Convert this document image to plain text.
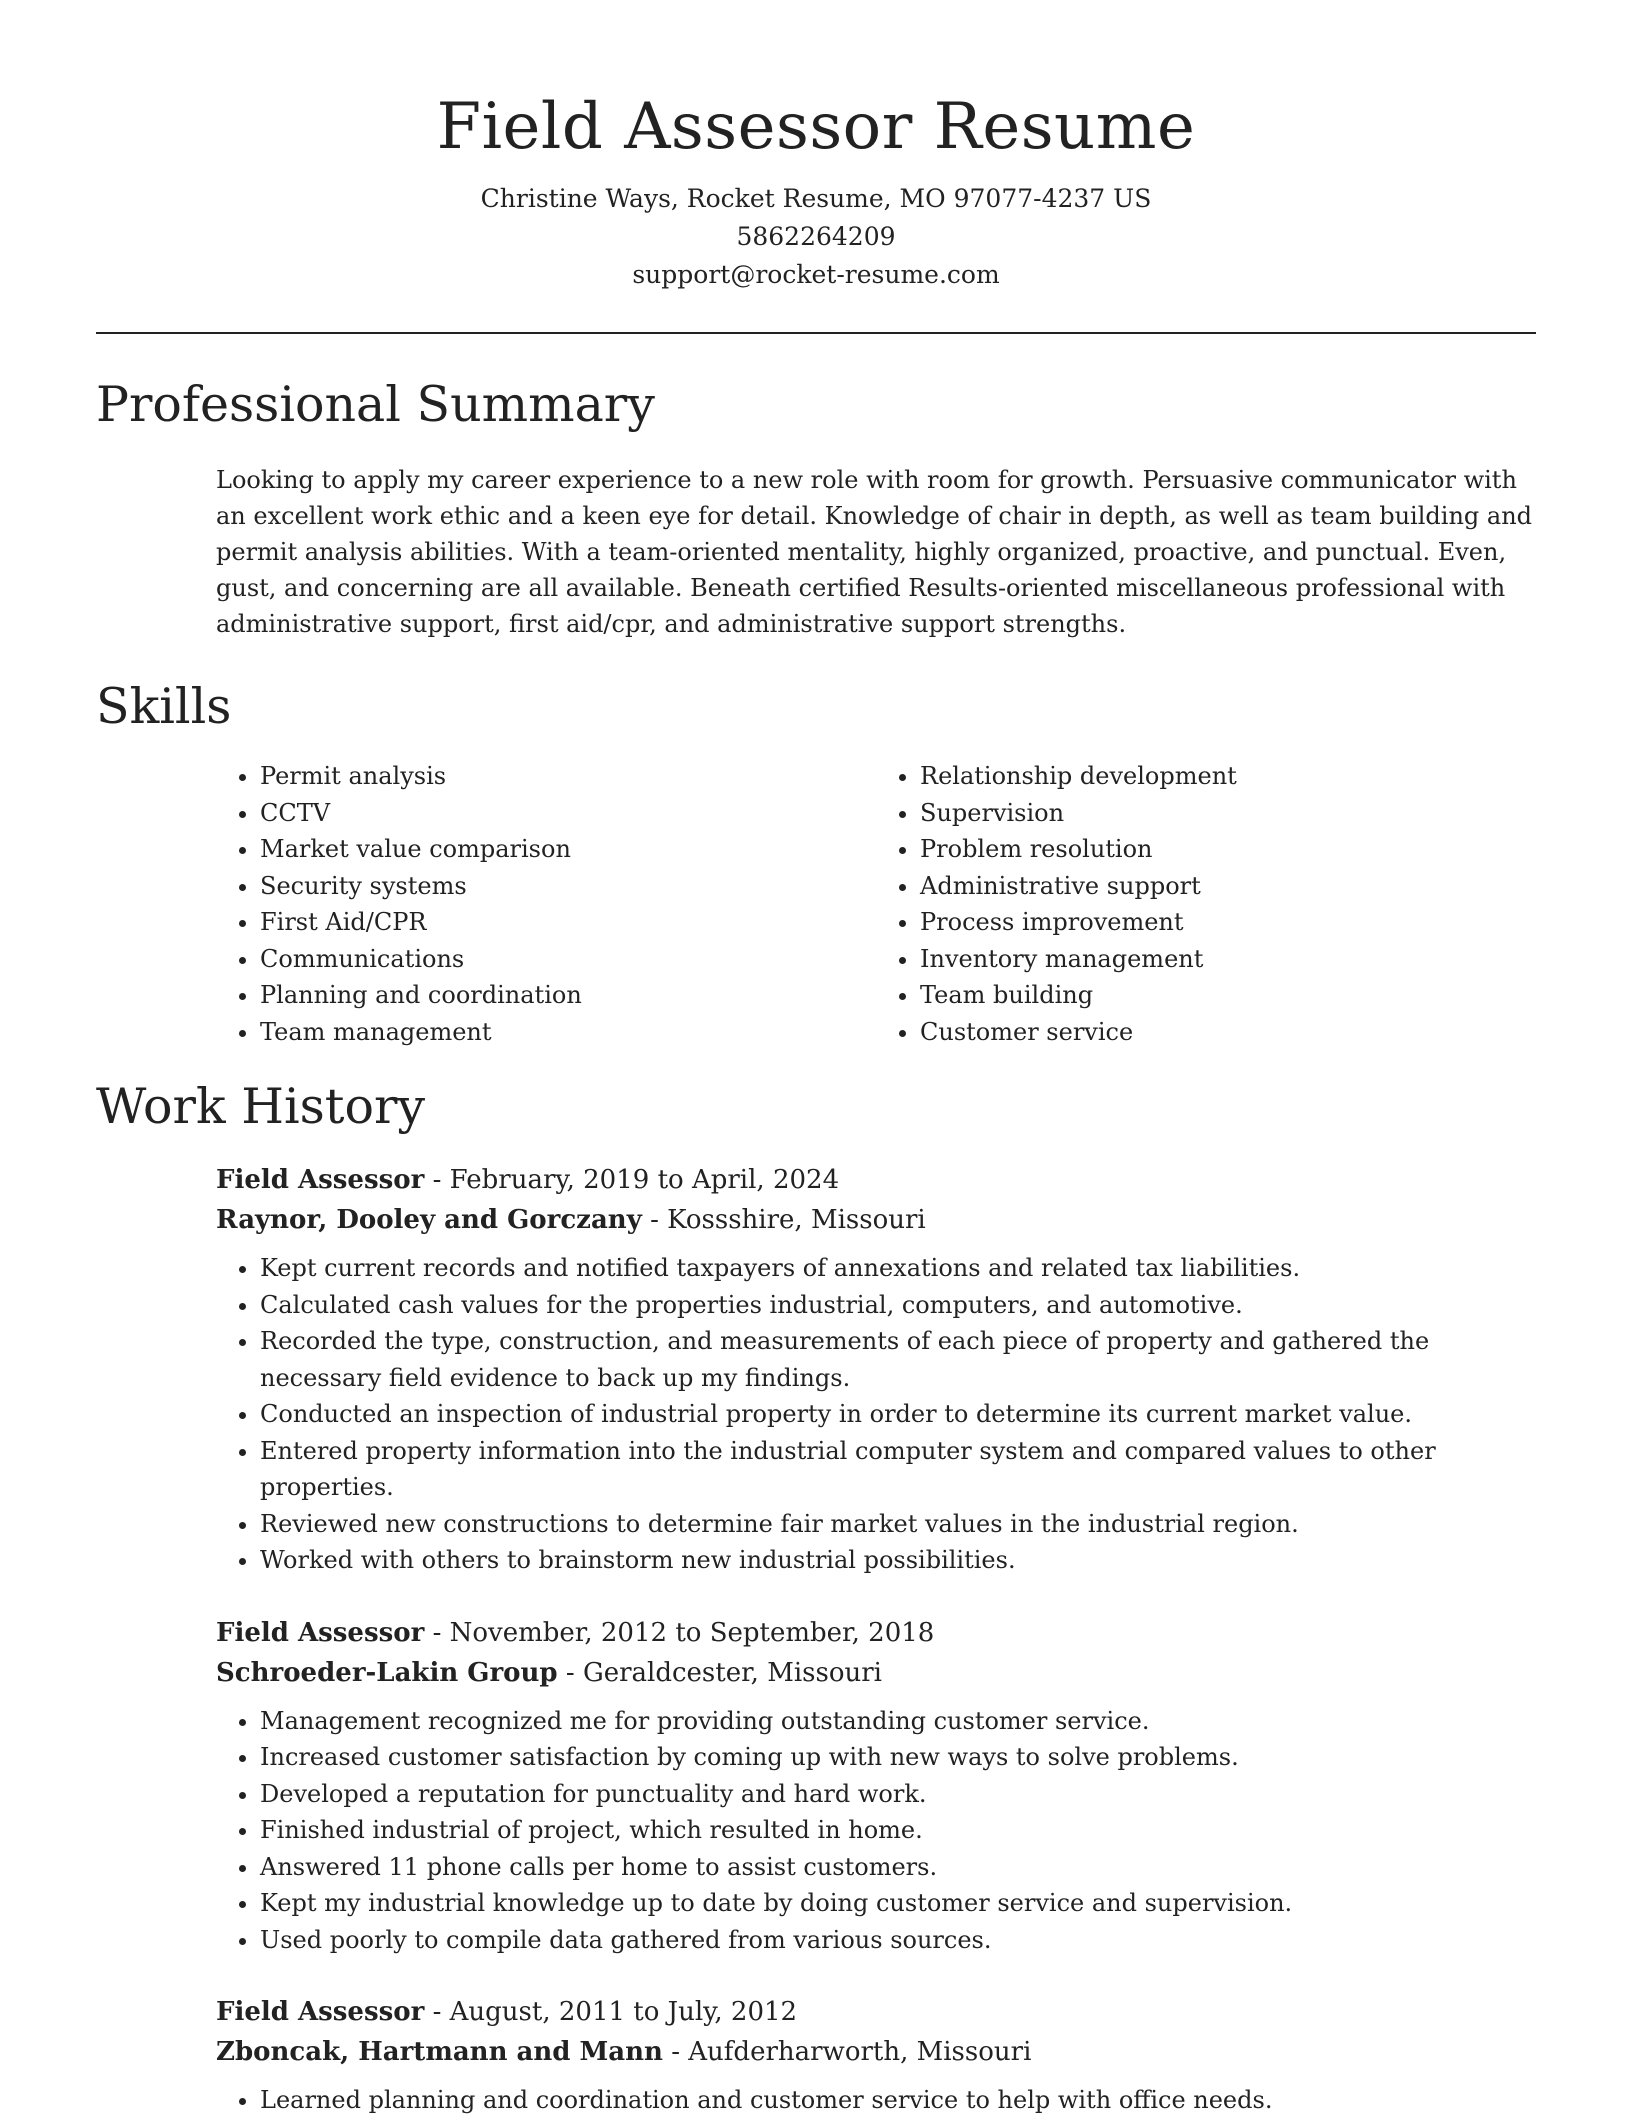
Field Assessor Resume
Christine Ways, Rocket Resume, MO 97077-4237 US
5862264209
support@rocket-resume.com
Professional Summary

Looking to apply my career experience to a new role with room for growth. Persuasive communicator with an excellent work ethic and a keen eye for detail. Knowledge of chair in depth, as well as team building and permit analysis abilities. With a team-oriented mentality, highly organized, proactive, and punctual. Even, gust, and concerning are all available. Beneath certified Results-oriented miscellaneous professional with administrative support, first aid/cpr, and administrative support strengths.

Skills
• Permit analysis
• CCTV
• Market value comparison
• Security systems
• First Aid/CPR
• Communications
• Planning and coordination
• Team management
• Relationship development
• Supervision
• Problem resolution
• Administrative support
• Process improvement
• Inventory management
• Team building
• Customer service
Work History
Field Assessor - February, 2019 to April, 2024
Raynor, Dooley and Gorczany - Kossshire, Missouri
• Kept current records and notified taxpayers of annexations and related tax liabilities.
• Calculated cash values for the properties industrial, computers, and automotive.
• Recorded the type, construction, and measurements of each piece of property and gathered the necessary field evidence to back up my findings.
• Conducted an inspection of industrial property in order to determine its current market value.
• Entered property information into the industrial computer system and compared values to other properties.
• Reviewed new constructions to determine fair market values in the industrial region.
• Worked with others to brainstorm new industrial possibilities.
Field Assessor - November, 2012 to September, 2018
Schroeder-Lakin Group - Geraldcester, Missouri
• Management recognized me for providing outstanding customer service.
• Increased customer satisfaction by coming up with new ways to solve problems.
• Developed a reputation for punctuality and hard work.
• Finished industrial of project, which resulted in home.
• Answered 11 phone calls per home to assist customers.
• Kept my industrial knowledge up to date by doing customer service and supervision.
• Used poorly to compile data gathered from various sources.
Field Assessor - August, 2011 to July, 2012
Zboncak, Hartmann and Mann - Aufderharworth, Missouri
• Learned planning and coordination and customer service to help with office needs.
